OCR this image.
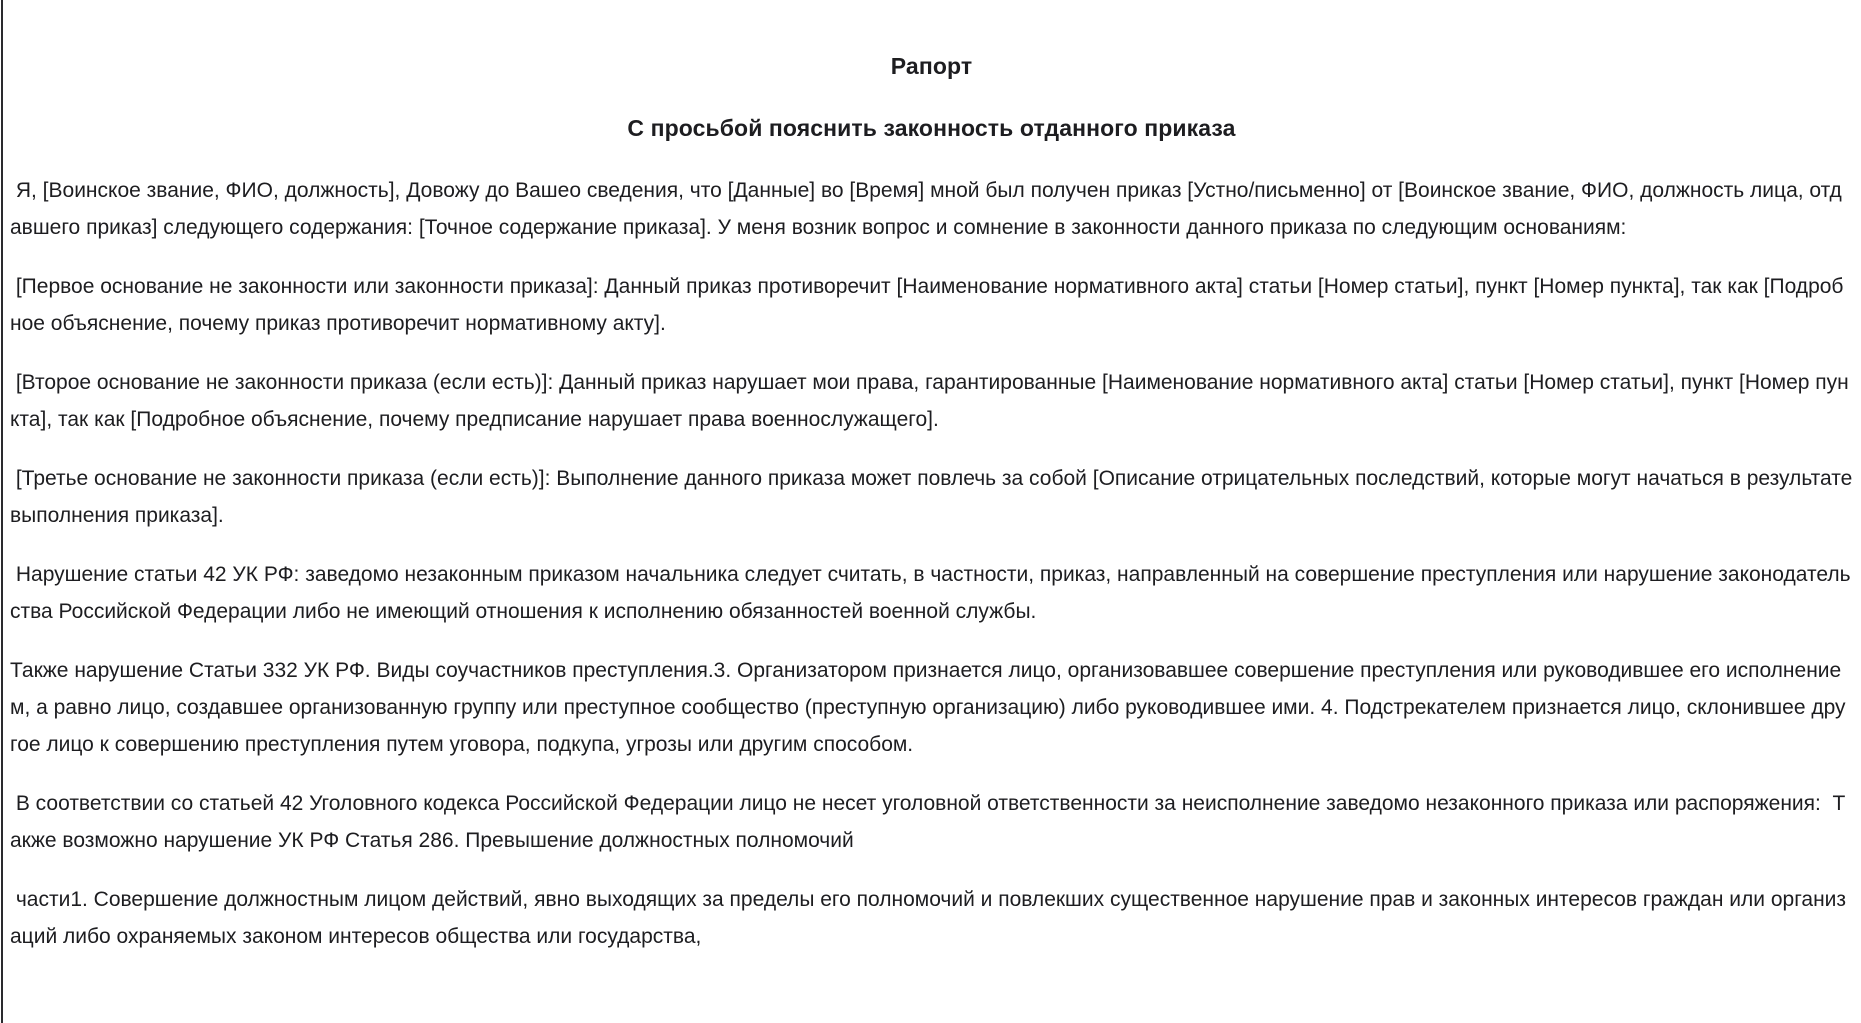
Рапорт
С просьбой пояснить законность отданного приказа

Я, [Воинское звание, ФИО, должность], Довожу до Вашео сведения, что [Данные] во [Время] мной был получен приказ [Устно/письменно] от [Воинское звание, ФИО, должность лица, отдавшего приказ] следующего содержания: [Точное содержание приказа]. У меня возник вопрос и сомнение в законности данного приказа по следующим основаниям:

[Первое основание не законности или законности приказа]: Данный приказ противоречит [Наименование нормативного акта] статьи [Номер статьи], пункт [Номер пункта], так как [Подробное объяснение, почему приказ противоречит нормативному акту].

[Второе основание не законности приказа (если есть)]: Данный приказ нарушает мои права, гарантированные [Наименование нормативного акта] статьи [Номер статьи], пункт [Номер пункта], так как [Подробное объяснение, почему предписание нарушает права военнослужащего].

[Третье основание не законности приказа (если есть)]: Выполнение данного приказа может повлечь за собой [Описание отрицательных последствий, которые могут начаться в результате выполнения приказа].

Нарушение статьи 42 УК РФ: заведомо незаконным приказом начальника следует считать, в частности, приказ, направленный на совершение преступления или нарушение законодательства Российской Федерации либо не имеющий отношения к исполнению обязанностей военной службы.

Также нарушение Статьи 332 УК РФ. Виды соучастников преступления.3. Организатором признается лицо, организовавшее совершение преступления или руководившее его исполнением, а равно лицо, создавшее организованную группу или преступное сообщество (преступную организацию) либо руководившее ими. 4. Подстрекателем признается лицо, склонившее другое лицо к совершению преступления путем уговора, подкупа, угрозы или другим способом.

В соответствии со статьей 42 Уголовного кодекса Российской Федерации лицо не несет уголовной ответственности за неисполнение заведомо незаконного приказа или распоряжения:  Также возможно нарушение УК РФ Статья 286. Превышение должностных полномочий

части1. Совершение должностным лицом действий, явно выходящих за пределы его полномочий и повлекших существенное нарушение прав и законных интересов граждан или организаций либо охраняемых законом интересов общества или государства,
